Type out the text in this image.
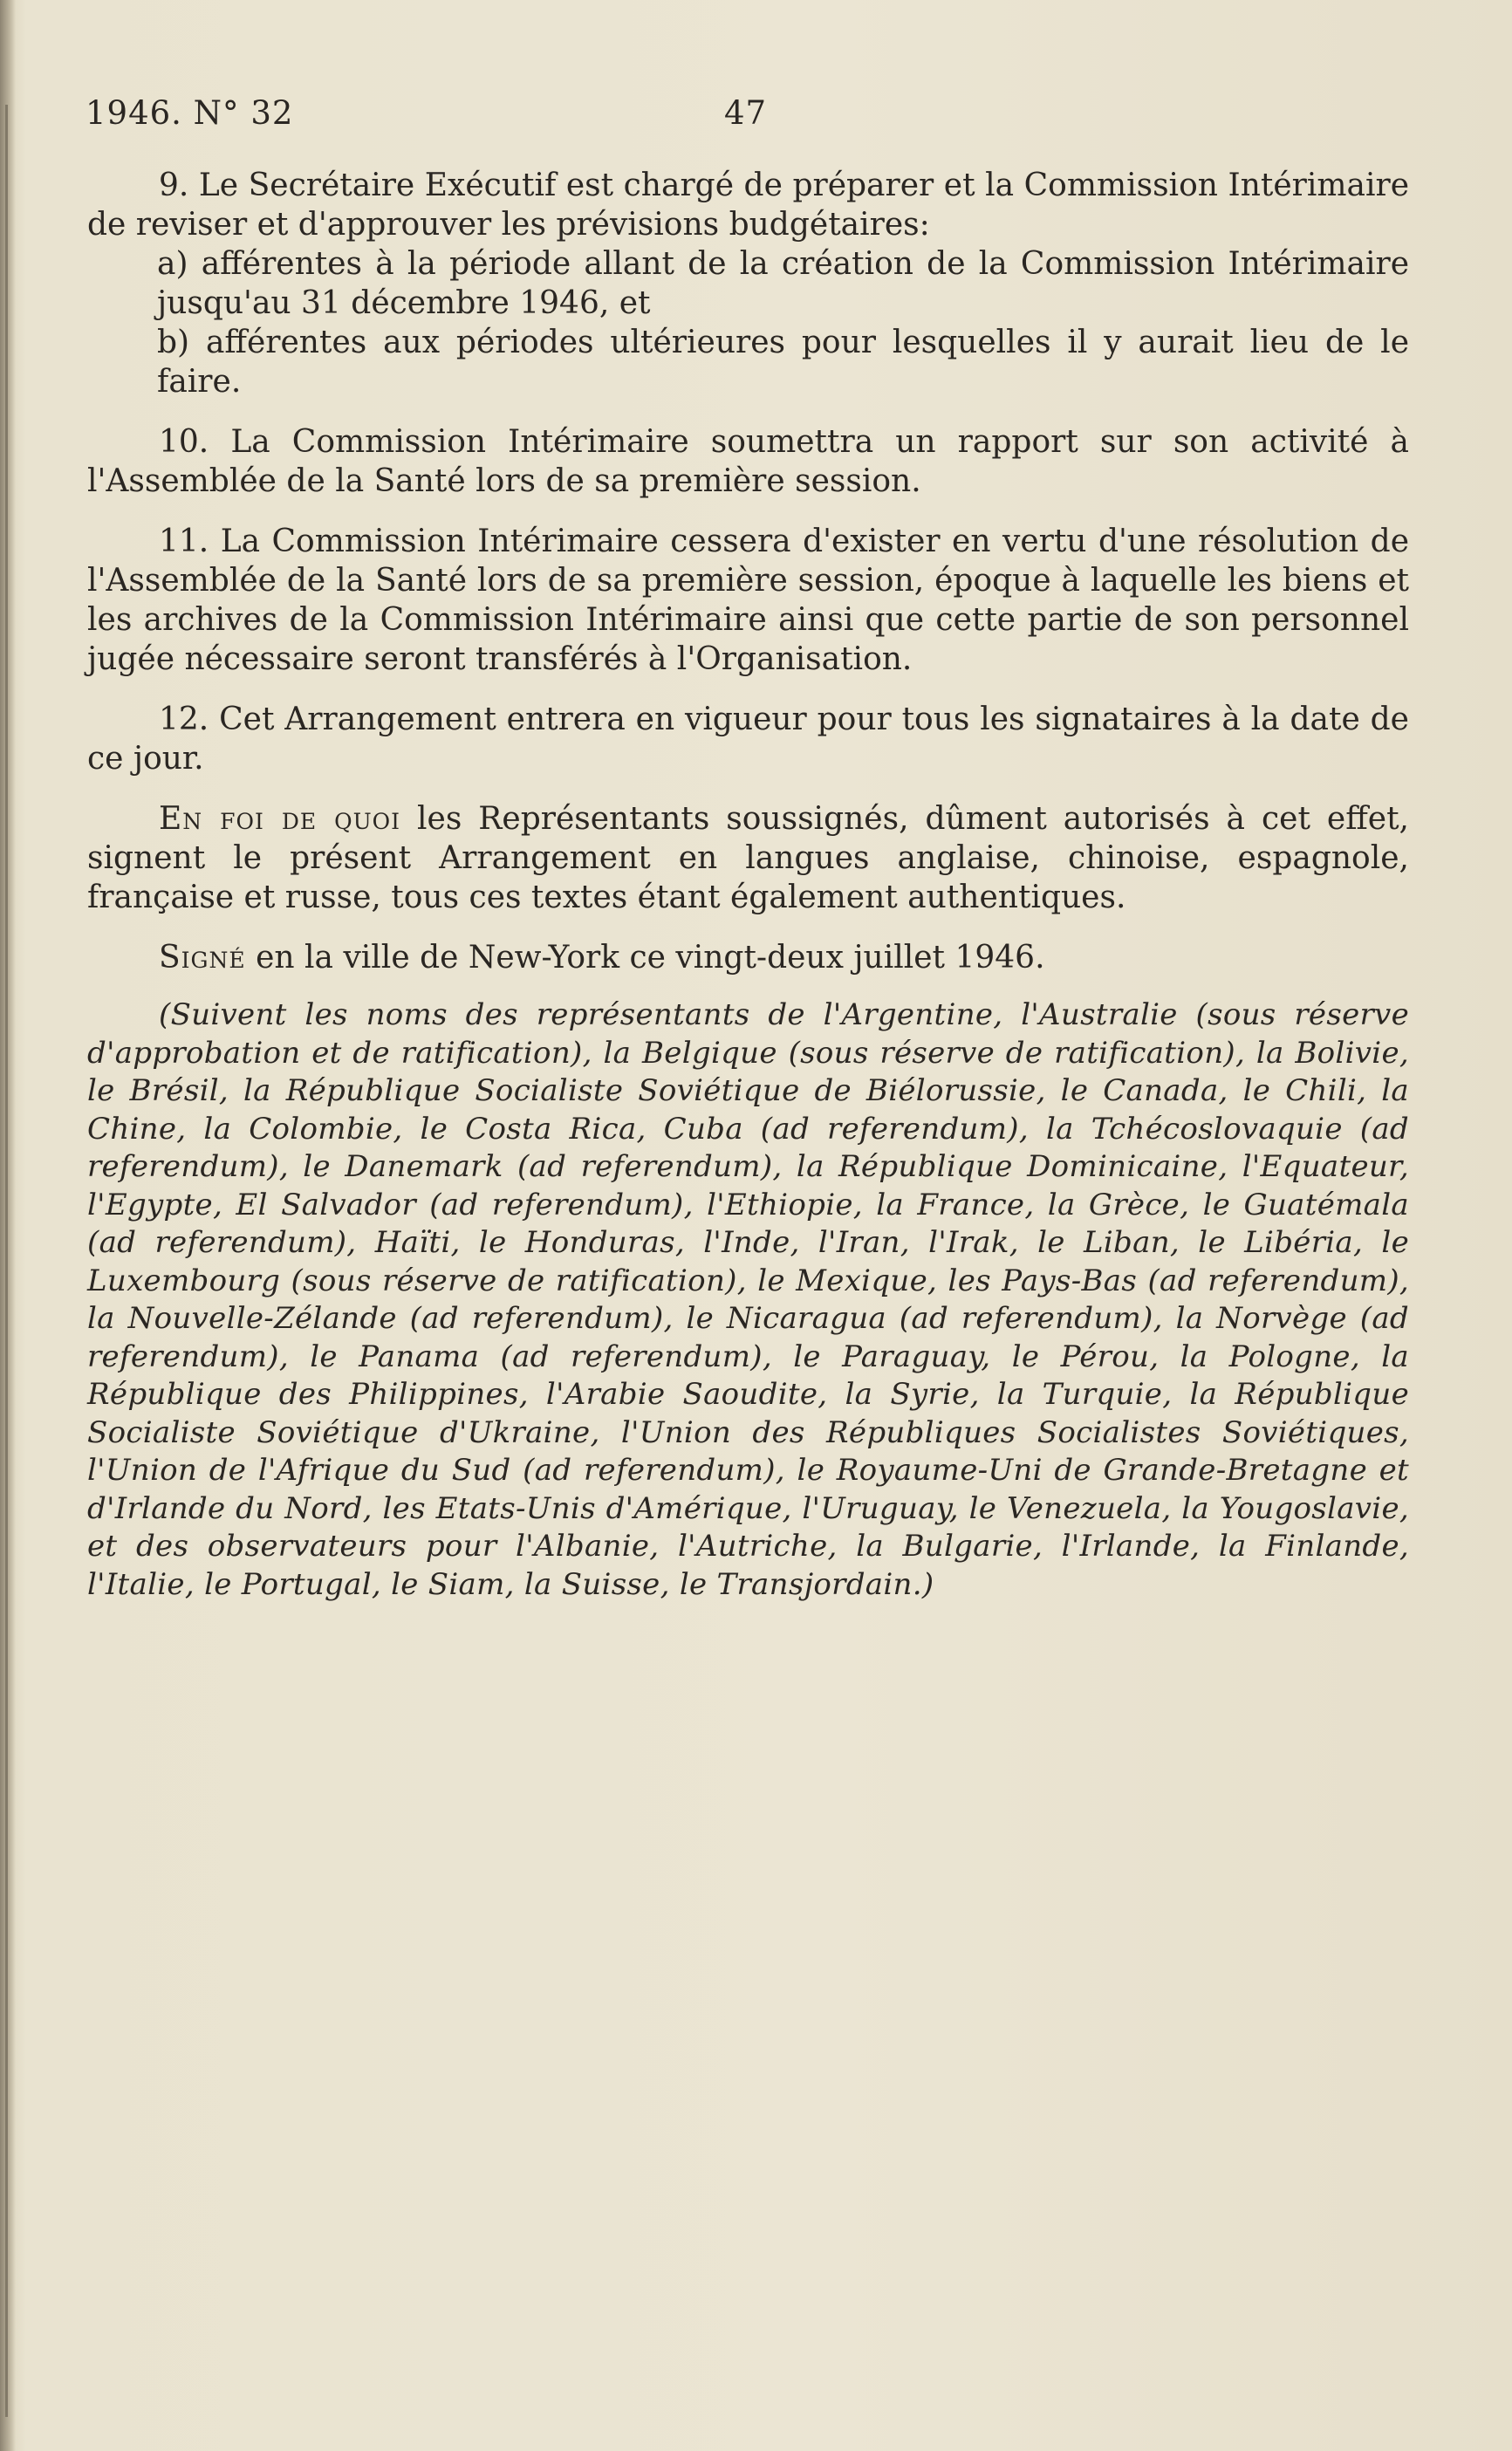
1946. N° 32	47

9. Le Secrétaire Exécutif est chargé de préparer et la Commission Intérimaire de reviser et d'approuver les prévisions budgétaires:

a) afférentes à la période allant de la création de la Commission Intérimaire jusqu'au 31 décembre 1946, et

b) afférentes aux périodes ultérieures pour lesquelles il y aurait lieu de le faire.

10. La Commission Intérimaire soumettra un rapport sur son activité à l'Assemblée de la Santé lors de sa première session.

11. La Commission Intérimaire cessera d'exister en vertu d'une résolution de l'Assemblée de la Santé lors de sa première session, époque à laquelle les biens et les archives de la Commission Intérimaire ainsi que cette partie de son personnel jugée nécessaire seront transférés à l'Organisation.

12. Cet Arrangement entrera en vigueur pour tous les signataires à la date de ce jour.

En foi de quoi les Représentants soussignés, dûment autorisés à cet effet, signent le présent Arrangement en langues anglaise, chinoise, espagnole, française et russe, tous ces textes étant également authentiques.

Signé en la ville de New-York ce vingt-deux juillet 1946.

(Suivent les noms des représentants de l'Argentine, l'Australie (sous réserve d'approbation et de ratification), la Belgique (sous réserve de ratification), la Bolivie, le Brésil, la République Socialiste Soviétique de Biélorussie, le Canada, le Chili, la Chine, la Colombie, le Costa Rica, Cuba (ad referendum), la Tchécoslovaquie (ad referendum), le Danemark (ad referendum), la République Dominicaine, l'Equateur, l'Egypte, El Salvador (ad referendum), l'Ethiopie, la France, la Grèce, le Guatémala (ad referendum), Haïti, le Honduras, l'Inde, l'Iran, l'Irak, le Liban, le Libéria, le Luxembourg (sous réserve de ratification), le Mexique, les Pays-Bas (ad referendum), la Nouvelle-Zélande (ad referendum), le Nicaragua (ad referendum), la Norvège (ad referendum), le Panama (ad referendum), le Paraguay, le Pérou, la Pologne, la République des Philippines, l'Arabie Saoudite, la Syrie, la Turquie, la République Socialiste Soviétique d'Ukraine, l'Union des Républiques Socialistes Soviétiques, l'Union de l'Afrique du Sud (ad referendum), le Royaume-Uni de Grande-Bretagne et d'Irlande du Nord, les Etats-Unis d'Amérique, l'Uruguay, le Venezuela, la Yougoslavie, et des observateurs pour l'Albanie, l'Autriche, la Bulgarie, l'Irlande, la Finlande, l'Italie, le Portugal, le Siam, la Suisse, le Transjordain.)
